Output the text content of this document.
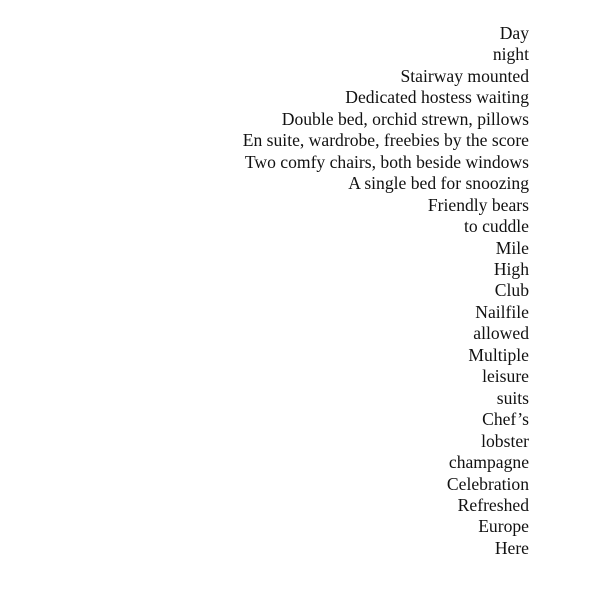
Day
night
Stairway mounted
Dedicated hostess waiting
Double bed, orchid strewn, pillows
En suite, wardrobe, freebies by the score
Two comfy chairs, both beside windows
A single bed for snoozing
Friendly bears
to cuddle
Mile
High
Club
Nailfile
allowed
Multiple
leisure
suits
Chef’s
lobster
champagne
Celebration
Refreshed
Europe
Here
